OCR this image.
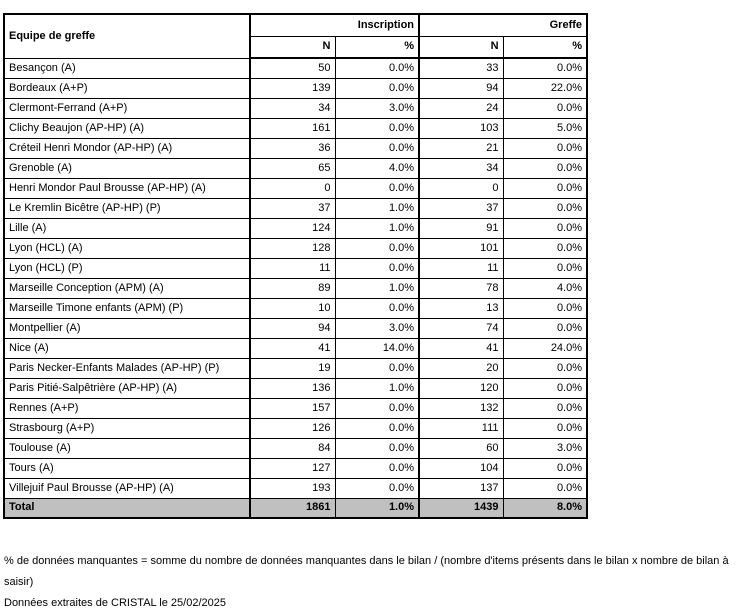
Equipe de greffe	Inscription		Greffe	
	N	%	N	%
Besançon (A)	50	0.0%	33	0.0%
Bordeaux (A+P)	139	0.0%	94	22.0%
Clermont-Ferrand (A+P)	34	3.0%	24	0.0%
Clichy Beaujon (AP-HP) (A)	161	0.0%	103	5.0%
Créteil Henri Mondor (AP-HP) (A)	36	0.0%	21	0.0%
Grenoble (A)	65	4.0%	34	0.0%
Henri Mondor Paul Brousse (AP-HP) (A)	0	0.0%	0	0.0%
Le Kremlin Bicêtre (AP-HP) (P)	37	1.0%	37	0.0%
Lille (A)	124	1.0%	91	0.0%
Lyon (HCL) (A)	128	0.0%	101	0.0%
Lyon (HCL) (P)	11	0.0%	11	0.0%
Marseille Conception (APM) (A)	89	1.0%	78	4.0%
Marseille Timone enfants (APM) (P)	10	0.0%	13	0.0%
Montpellier (A)	94	3.0%	74	0.0%
Nice (A)	41	14.0%	41	24.0%
Paris Necker-Enfants Malades (AP-HP) (P)	19	0.0%	20	0.0%
Paris Pitié-Salpêtrière (AP-HP) (A)	136	1.0%	120	0.0%
Rennes (A+P)	157	0.0%	132	0.0%
Strasbourg (A+P)	126	0.0%	111	0.0%
Toulouse (A)	84	0.0%	60	3.0%
Tours (A)	127	0.0%	104	0.0%
Villejuif Paul Brousse (AP-HP) (A)	193	0.0%	137	0.0%
Total	1861	1.0%	1439	8.0%
% de données manquantes = somme du nombre de données manquantes dans le bilan / (nombre d'items présents dans le bilan x nombre de bilan à saisir)
Données extraites de CRISTAL le 25/02/2025
